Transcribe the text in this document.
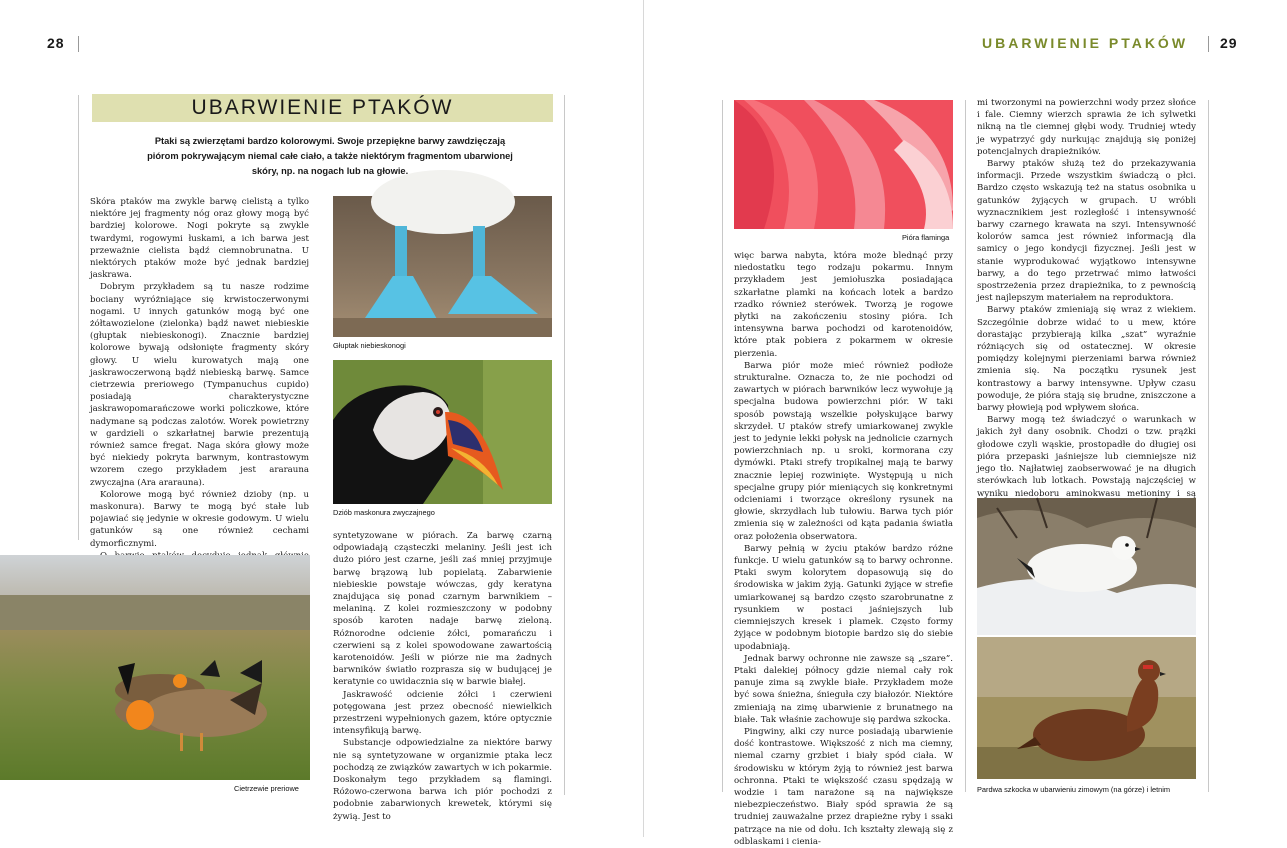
28
UBARWIENIE PTAKÓW
Ptaki są zwierzętami bardzo kolorowymi. Swoje przepiękne barwy zawdzięczają piórom pokrywającym niemal całe ciało, a także niektórym fragmentom ubarwionej skóry, np. na nogach lub na głowie.

Skóra ptaków ma zwykle barwę cielistą a tylko niektóre jej fragmenty nóg oraz głowy mogą być bardziej kolorowe. Nogi pokryte są zwykle twardymi, rogowymi łuskami, a ich barwa jest przeważnie cielista bądź ciemnobrunatna. U niektórych ptaków może być jednak bardziej jaskrawa.

Dobrym przykładem są tu nasze rodzime bociany wyróżniające się krwistoczerwonymi nogami. U innych gatunków mogą być one żółtawozielone (zielonka) bądź nawet niebieskie (głuptak niebieskonogi). Znacznie bardziej kolorowe bywają odsłonięte fragmenty skóry głowy. U wielu kurowatych mają one jaskrawoczerwoną bądź niebieską barwę. Samce cietrzewia preriowego (Tympanuchus cupido) posiadają charakterystyczne jaskrawopomarańczowe worki policzkowe, które nadymane są podczas zalotów. Worek powietrzny w gardzieli o szkarłatnej barwie prezentują również samce fregat. Naga skóra głowy może być niekiedy pokryta barwnym, kontrastowym wzorem czego przykładem jest ararauna zwyczajna (Ara ararauna).

Kolorowe mogą być również dzioby (np. u maskonura). Barwy te mogą być stałe lub pojawiać się jedynie w okresie godowym. U wielu gatunków są one również cechami dymorficznymi.

syntetyzowane w piórach. Za barwę czarną odpowiadają cząsteczki melaniny. Jeśli jest ich dużo pióro jest czarne, jeśli zaś mniej przyjmuje barwę brązową lub popielatą. Zabarwienie niebieskie powstaje wówczas, gdy keratyna znajdująca się ponad czarnym barwnikiem – melaniną. Z kolei rozmieszczony w podobny sposób karoten nadaje barwę zieloną. Różnorodne odcienie żółci, pomarańczu i czerwieni są z kolei spowodowane zawartością karotenoidów. Jeśli w piórze nie ma żadnych barwników światło rozprasza się w budującej je keratynie co uwidacznia się w barwie białej.

Jaskrawość odcienie żółci i czerwieni potęgowana jest przez obecność niewielkich przestrzeni wypełnionych gazem, które optycznie intensyfikują barwę.

Substancje odpowiedzialne za niektóre barwy nie są syntetyzowane w organizmie ptaka lecz pochodzą ze związków zawartych w ich pokarmie. Doskonałym tego przykładem są flamingi. Różowo-czerwona barwa ich piór pochodzi z podobnie zabarwionych krewetek, którymi się żywią. Jest to

Głuptak niebieskonogi
Dziób maskonura zwyczajnego
Cietrzewie preriowe
UBARWIENIE PTAKÓW 29
Pióra flaminga

więc barwa nabyta, która może blednąć przy niedostatku tego rodzaju pokarmu. Innym przykładem jest jemiołuszka posiadająca szkarłatne plamki na końcach lotek a bardzo rzadko również sterówek. Tworzą je rogowe płytki na zakończeniu stosiny pióra. Ich intensywna barwa pochodzi od karotenoidów, które ptak pobiera z pokarmem w okresie pierzenia.

Barwa piór może mieć również podłoże strukturalne. Oznacza to, że nie pochodzi od zawartych w piórach barwników lecz wywołuje ją specjalna budowa powierzchni piór. W taki sposób powstają wszelkie połyskujące barwy skrzydeł. U ptaków strefy umiarkowanej zwykle jest to jedynie lekki połysk na jednolicie czarnych powierzchniach np. u sroki, kormorana czy dymówki. Ptaki strefy tropikalnej mają te barwy znacznie lepiej rozwinięte. Występują u nich specjalne grupy piór mieniących się konkretnymi odcieniami i tworzące określony rysunek na głowie, skrzydłach lub tułowiu. Barwa tych piór zmienia się w zależności od kąta padania światła oraz położenia obserwatora.

Barwy pełnią w życiu ptaków bardzo różne funkcje. U wielu gatunków są to barwy ochronne. Ptaki swym kolorytem dopasowują się do środowiska w jakim żyją. Gatunki żyjące w strefie umiarkowanej są bardzo często szarobrunatne z rysunkiem w postaci jaśniejszych lub ciemniejszych kresek i plamek. Często formy żyjące w podobnym biotopie bardzo się do siebie upodabniają.

Jednak barwy ochronne nie zawsze są „szare”. Ptaki dalekiej północy gdzie niemal cały rok panuje zima są zwykle białe. Przykładem może być sowa śnieżna, śnieguła czy białozór. Niektóre zmieniają na zimę ubarwienie z brunatnego na białe. Tak właśnie zachowuje się pardwa szkocka.

Pingwiny, alki czy nurce posiadają ubarwienie dość kontrastowe. Większość z nich ma ciemny, niemal czarny grzbiet i biały spód ciała. W środowisku w którym żyją to również jest barwa ochronna. Ptaki te większość czasu spędzają w wodzie i tam narażone są na największe niebezpieczeństwo. Biały spód sprawia że są trudniej zauważalne przez drapieżne ryby i ssaki patrzące na nie od dołu. Ich kształty zlewają się z odblaskami i cienia-

mi tworzonymi na powierzchni wody przez słońce i fale. Ciemny wierzch sprawia że ich sylwetki nikną na tle ciemnej głębi wody. Trudniej wtedy je wypatrzyć gdy nurkując znajdują się poniżej potencjalnych drapieżników.

Barwy ptaków służą też do przekazywania informacji. Przede wszystkim świadczą o płci. Bardzo często wskazują też na status osobnika u gatunków żyjących w grupach. U wróbli wyznacznikiem jest rozległość i intensywność barwy czarnego krawata na szyi. Intensywność kolorów samca jest również informacją dla samicy o jego kondycji fizycznej. Jeśli jest w stanie wyprodukować wyjątkowo intensywne barwy, a do tego przetrwać mimo łatwości spostrzeżenia przez drapieżnika, to z pewnością jest najlepszym materiałem na reproduktora.

Barwy ptaków zmieniają się wraz z wiekiem. Szczególnie dobrze widać to u mew, które dorastając przybierają kilka „szat” wyraźnie różniących się od ostatecznej. W okresie pomiędzy kolejnymi pierzeniami barwa również zmienia się. Na początku rysunek jest kontrastowy a barwy intensywne. Upływ czasu powoduje, że pióra stają się brudne, zniszczone a barwy płowieją pod wpływem słońca.

Barwy mogą też świadczyć o warunkach w jakich żył dany osobnik. Chodzi o tzw. prążki głodowe czyli wąskie, prostopadłe do długiej osi pióra przepaski jaśniejsze lub ciemniejsze niż jego tło. Najłatwiej zaobserwować je na długich sterówkach lub lotkach. Powstają najczęściej w wyniku niedoboru aminokwasu metioniny i są

Pardwa szkocka w ubarwieniu zimowym (na górze) i letnim
